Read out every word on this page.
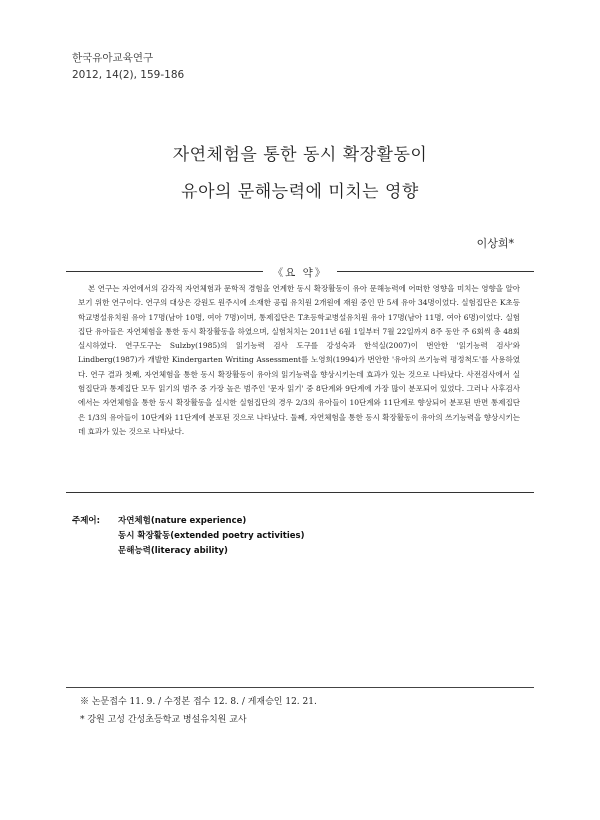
한국유아교육연구
2012, 14(2), 159-186
자연체험을 통한 동시 확장활동이
유아의 문해능력에 미치는 영향
이상희*
《요 약》
본 연구는 자연에서의 감각적 자연체험과 문학적 경험을 연계한 동시 확장활동이 유아 문해능력에 어떠한 영향을 미치는 영향을 알아보기 위한 연구이다. 연구의 대상은 강원도 원주시에 소재한 공립 유치원 2개원에 재원 중인 만 5세 유아 34명이었다. 실험집단은 K초등학교병설유치원 유아 17명(남아 10명, 여아 7명)이며, 통제집단은 T초등학교병설유치원 유아 17명(남아 11명, 여아 6명)이었다. 실험집단 유아들은 자연체험을 통한 동시 확장활동을 하였으며, 실험처치는 2011년 6월 1일부터 7월 22일까지 8주 동안 주 6회씩 총 48회 실시하였다. 연구도구는 Sulzby(1985)의 읽기능력 검사 도구를 강성숙과 한석실(2007)이 번안한 '읽기능력 검사'와 Lindberg(1987)가 개발한 Kindergarten Writing Assessment를 노영희(1994)가 번안한 '유아의 쓰기능력 평정척도'를 사용하였다. 연구 결과 첫째, 자연체험을 통한 동시 확장활동이 유아의 읽기능력을 향상시키는데 효과가 있는 것으로 나타났다. 사전검사에서 실험집단과 통제집단 모두 읽기의 범주 중 가장 높은 범주인 '문자 읽기' 중 8단계와 9단계에 가장 많이 분포되어 있었다. 그러나 사후검사에서는 자연체험을 통한 동시 확장활동을 실시한 실험집단의 경우 2/3의 유아들이 10단계와 11단계로 향상되어 분포된 반면 통제집단은 1/3의 유아들이 10단계와 11단계에 분포된 것으로 나타났다. 둘째, 자연체험을 통한 동시 확장활동이 유아의 쓰기능력을 향상시키는데 효과가 있는 것으로 나타났다.
주제어: 자연체험(nature experience)
동시 확장활동(extended poetry activities)
문해능력(literacy ability)
※ 논문접수 11. 9. / 수정본 접수 12. 8. / 게재승인 12. 21.
* 강원 고성 간성초등학교 병설유치원 교사
